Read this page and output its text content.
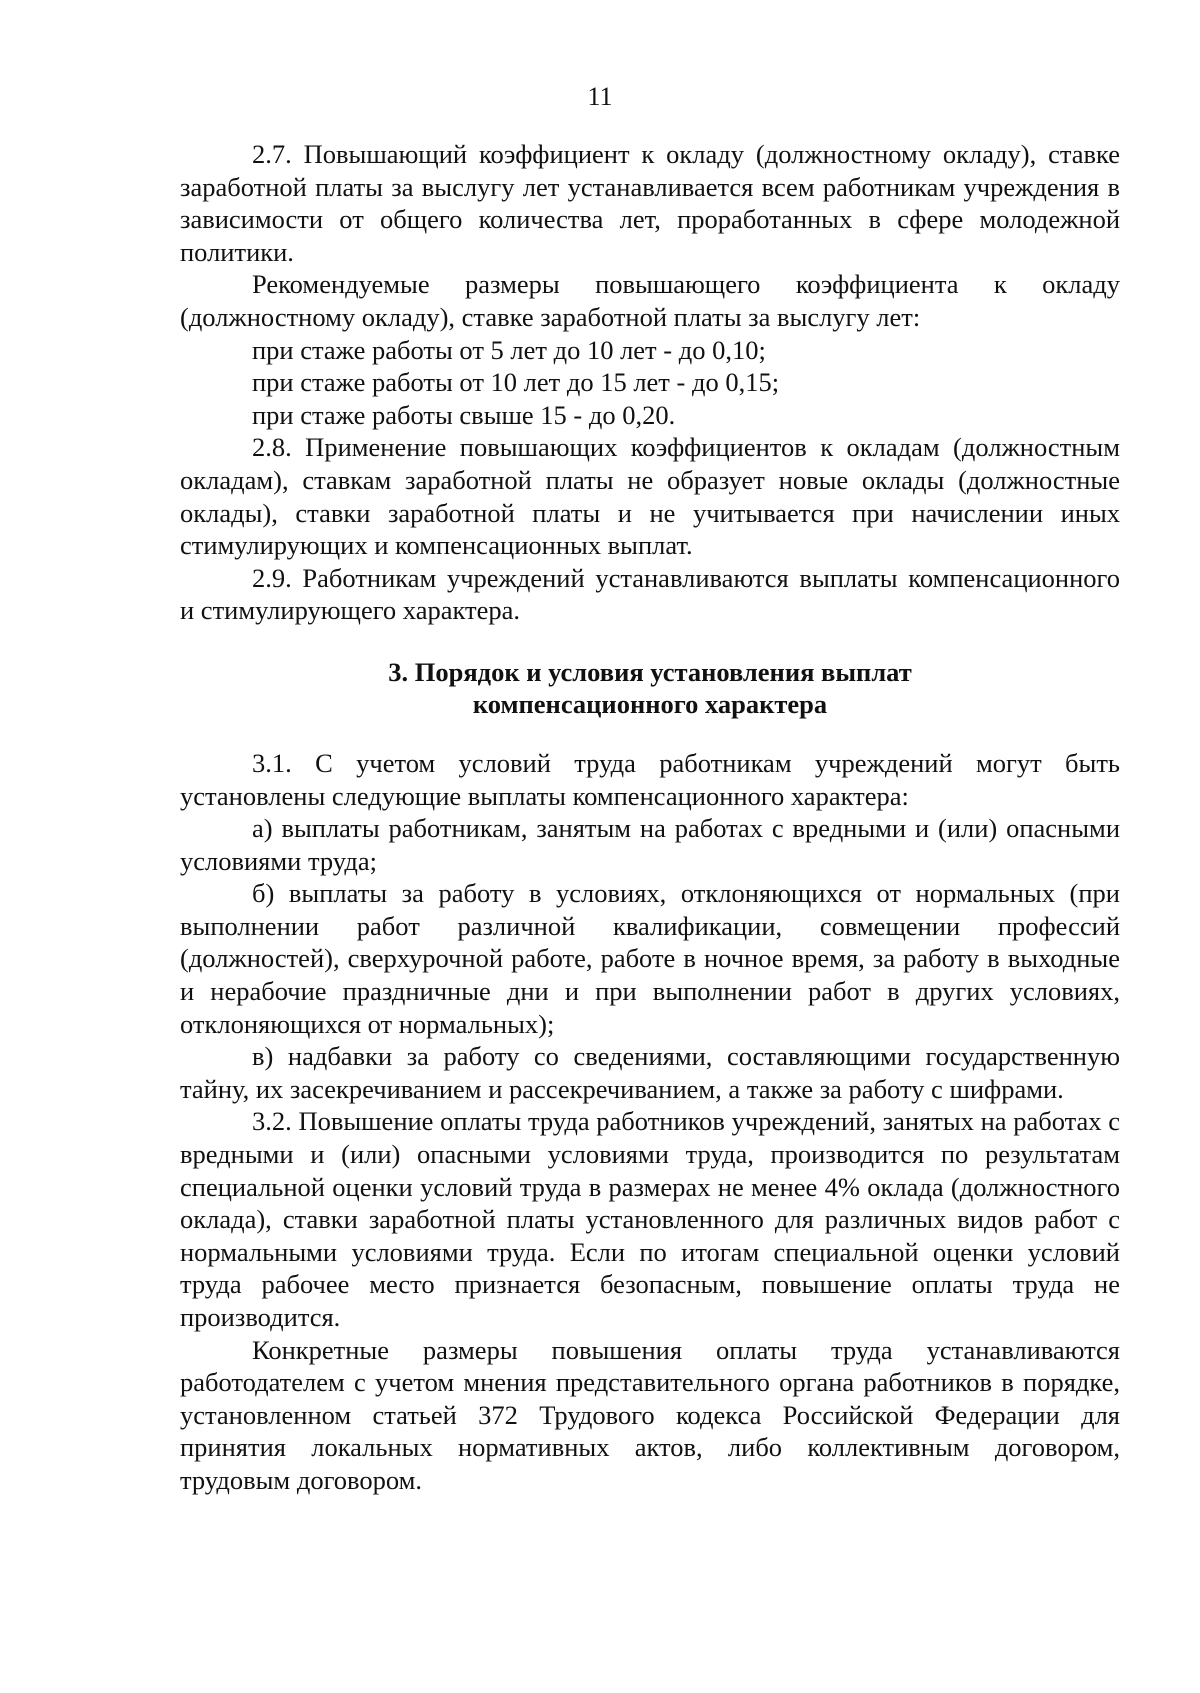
11

2.7. Повышающий коэффициент к окладу (должностному окладу), ставке заработной платы за выслугу лет устанавливается всем работникам учреждения в зависимости от общего количества лет, проработанных в сфере молодежной политики.

Рекомендуемые размеры повышающего коэффициента к окладу (должностному окладу), ставке заработной платы за выслугу лет:

при стаже работы от 5 лет до 10 лет - до 0,10;

при стаже работы от 10 лет до 15 лет - до 0,15;

при стаже работы свыше 15 - до 0,20.

2.8. Применение повышающих коэффициентов к окладам (должностным окладам), ставкам заработной платы не образует новые оклады (должностные оклады), ставки заработной платы и не учитывается при начислении иных стимулирующих и компенсационных выплат.

2.9. Работникам учреждений устанавливаются выплаты компенсационного и стимулирующего характера.

3. Порядок и условия установления выплат
компенсационного характера

3.1. С учетом условий труда работникам учреждений могут быть установлены следующие выплаты компенсационного характера:

а) выплаты работникам, занятым на работах с вредными и (или) опасными условиями труда;

б) выплаты за работу в условиях, отклоняющихся от нормальных (при выполнении работ различной квалификации, совмещении профессий (должностей), сверхурочной работе, работе в ночное время, за работу в выходные и нерабочие праздничные дни и при выполнении работ в других условиях, отклоняющихся от нормальных);

в) надбавки за работу со сведениями, составляющими государственную тайну, их засекречиванием и рассекречиванием, а также за работу с шифрами.

3.2. Повышение оплаты труда работников учреждений, занятых на работах с вредными и (или) опасными условиями труда, производится по результатам специальной оценки условий труда в размерах не менее 4% оклада (должностного оклада), ставки заработной платы установленного для различных видов работ с нормальными условиями труда. Если по итогам специальной оценки условий труда рабочее место признается безопасным, повышение оплаты труда не производится.

Конкретные размеры повышения оплаты труда устанавливаются работодателем с учетом мнения представительного органа работников в порядке, установленном статьей 372 Трудового кодекса Российской Федерации для принятия локальных нормативных актов, либо коллективным договором, трудовым договором.
